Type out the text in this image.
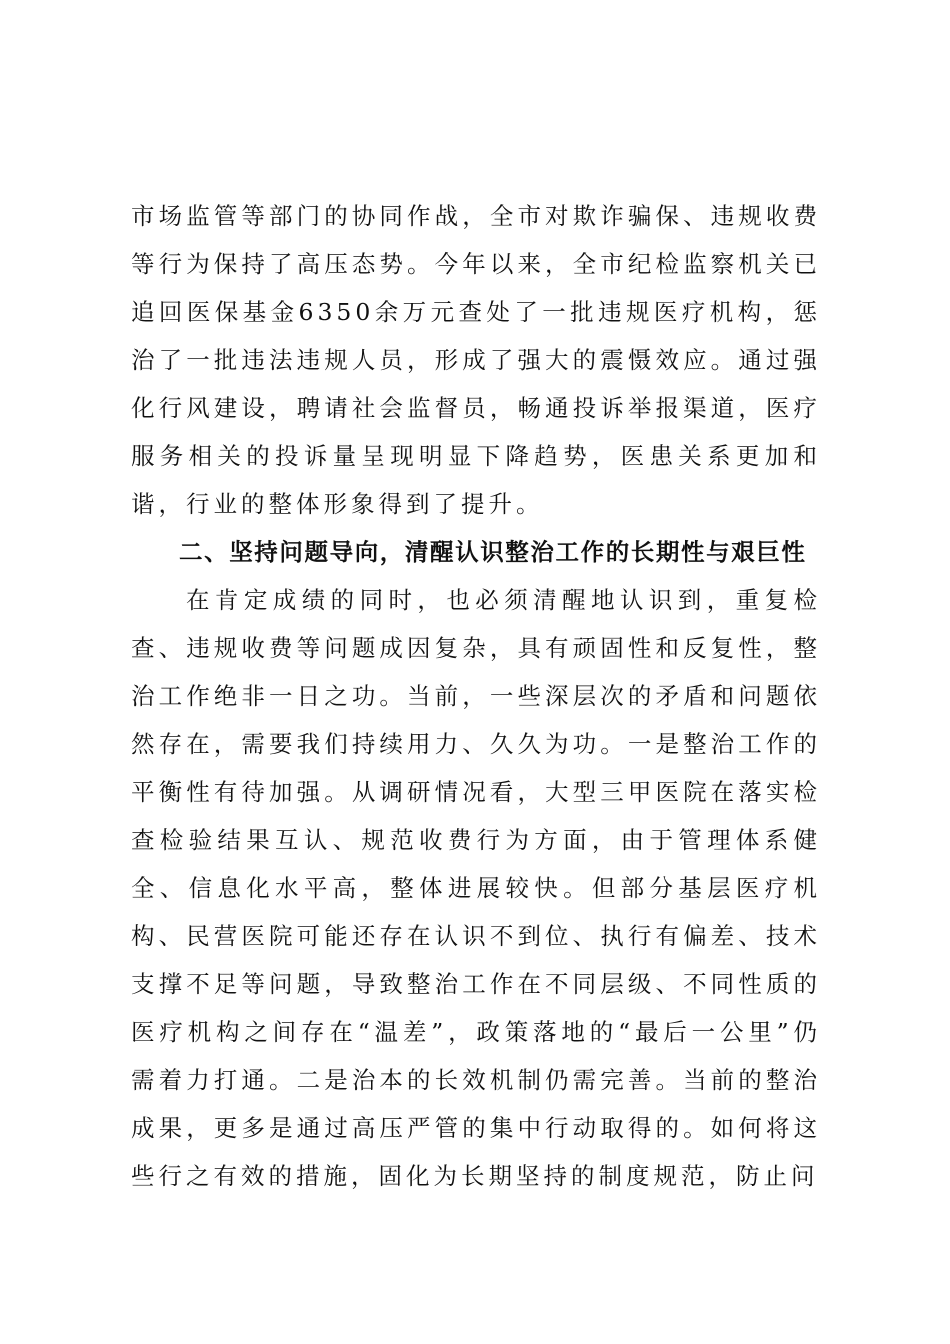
市场监管等部门的协同作战，全市对欺诈骗保、违规收费等行为保持了高压态势。今年以来，全市纪检监察机关已追回医保基金6350余万元查处了一批违规医疗机构，惩治了一批违法违规人员，形成了强大的震慑效应。通过强化行风建设，聘请社会监督员，畅通投诉举报渠道，医疗服务相关的投诉量呈现明显下降趋势，医患关系更加和谐，行业的整体形象得到了提升。

二、坚持问题导向，清醒认识整治工作的长期性与艰巨性

在肯定成绩的同时，也必须清醒地认识到，重复检查、违规收费等问题成因复杂，具有顽固性和反复性，整治工作绝非一日之功。当前，一些深层次的矛盾和问题依然存在，需要我们持续用力、久久为功。一是整治工作的平衡性有待加强。从调研情况看，大型三甲医院在落实检查检验结果互认、规范收费行为方面，由于管理体系健全、信息化水平高，整体进展较快。但部分基层医疗机构、民营医院可能还存在认识不到位、执行有偏差、技术支撑不足等问题，导致整治工作在不同层级、不同性质的医疗机构之间存在“温差”，政策落地的“最后一公里”仍需着力打通。二是治本的长效机制仍需完善。当前的整治成果，更多是通过高压严管的集中行动取得的。如何将这些行之有效的措施，固化为长期坚持的制度规范，防止问
